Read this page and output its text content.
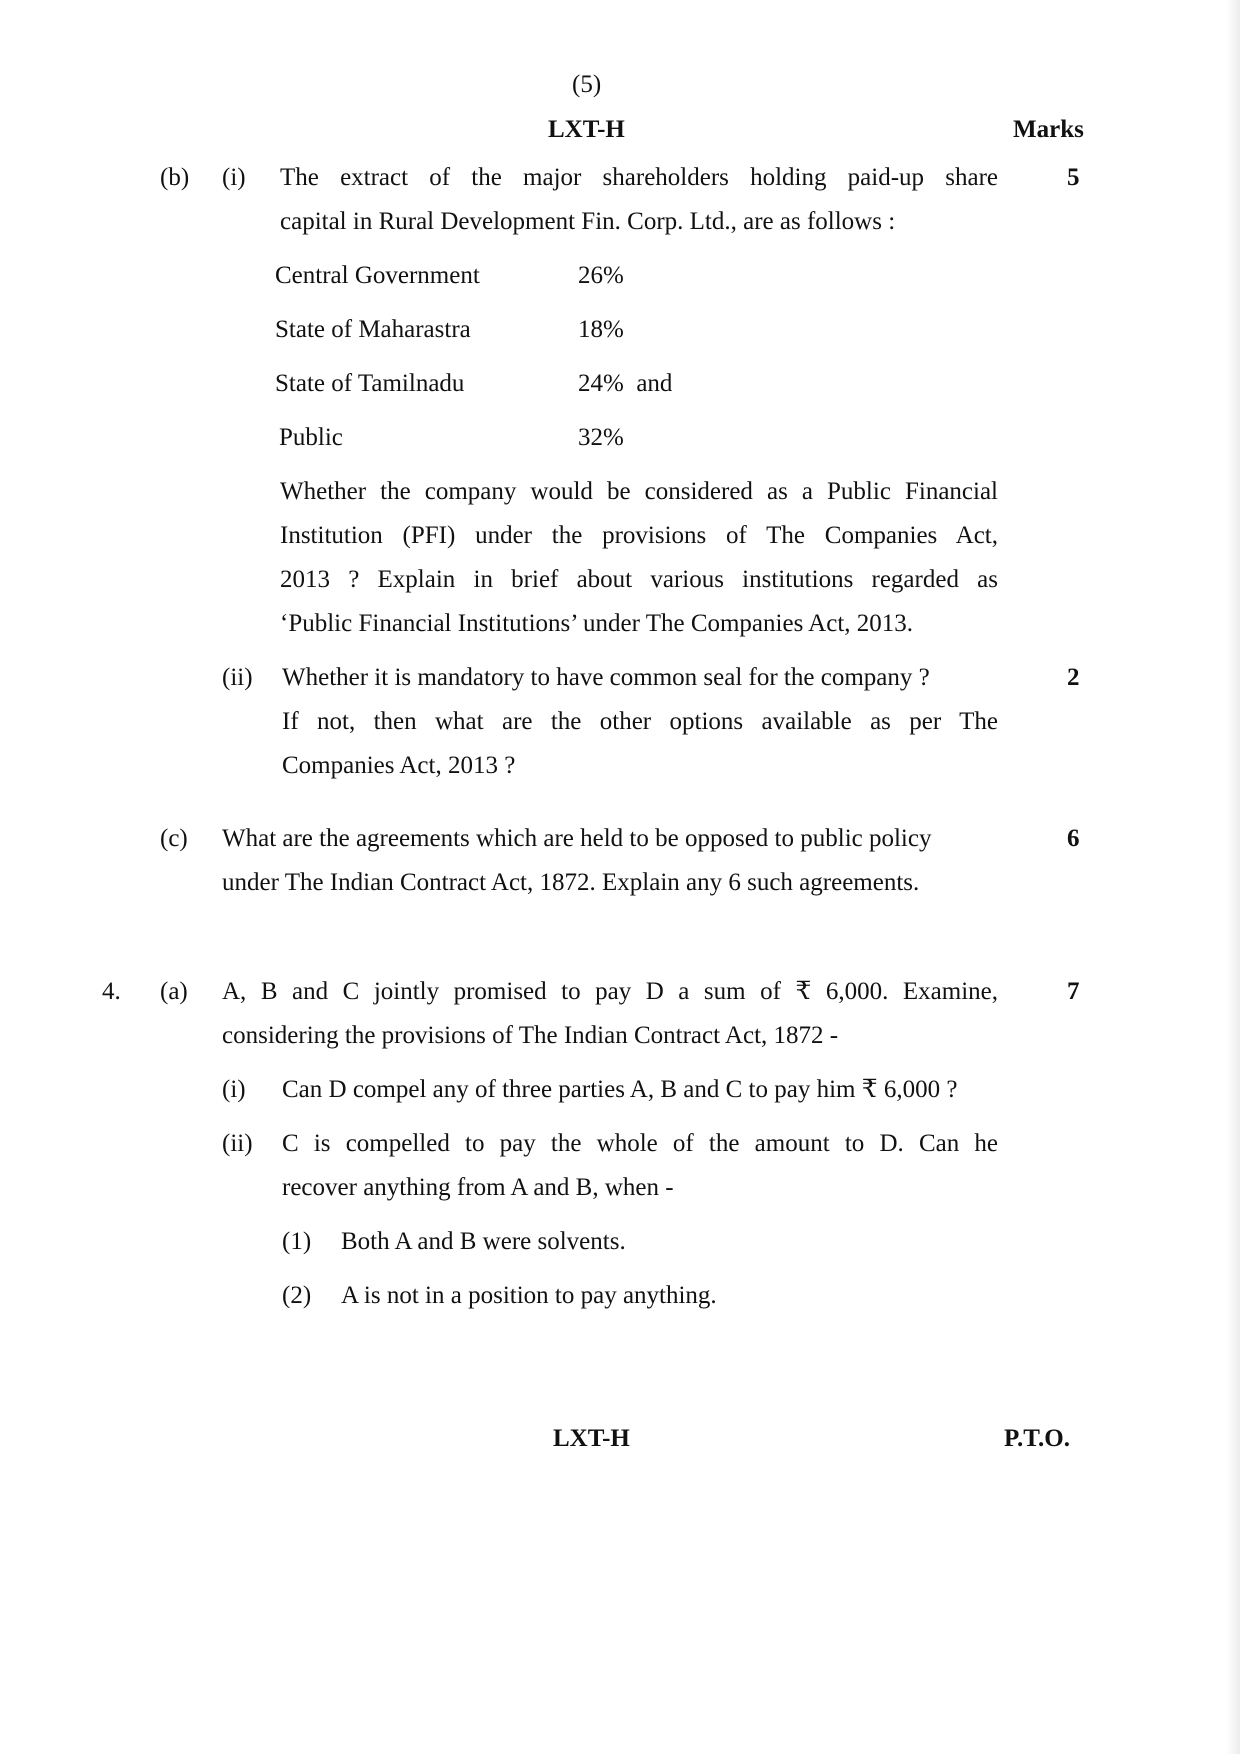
(5)
LXT-H	Marks
(b) (i) The extract of the major shareholders holding paid-up share	5
capital in Rural Development Fin. Corp. Ltd., are as follows :
Central Government	26%
State of Maharastra	18%
State of Tamilnadu	24%  and
Public	32%
Whether the company would be considered as a Public Financial
Institution (PFI) under the provisions of The Companies Act,
2013 ? Explain in brief about various institutions regarded as
‘Public Financial Institutions’ under The Companies Act, 2013.
(ii) Whether it is mandatory to have common seal for the company ?	2
If not, then what are the other options available as per The
Companies Act, 2013 ?
(c) What are the agreements which are held to be opposed to public policy	6
under The Indian Contract Act, 1872. Explain any 6 such agreements.
4. (a) A, B and C jointly promised to pay D a sum of ₹ 6,000. Examine,	7
considering the provisions of The Indian Contract Act, 1872 -
(i) Can D compel any of three parties A, B and C to pay him ₹ 6,000 ?
(ii) C is compelled to pay the whole of the amount to D. Can he
recover anything from A and B, when -
(1) Both A and B were solvents.
(2) A is not in a position to pay anything.
LXT-H	P.T.O.
